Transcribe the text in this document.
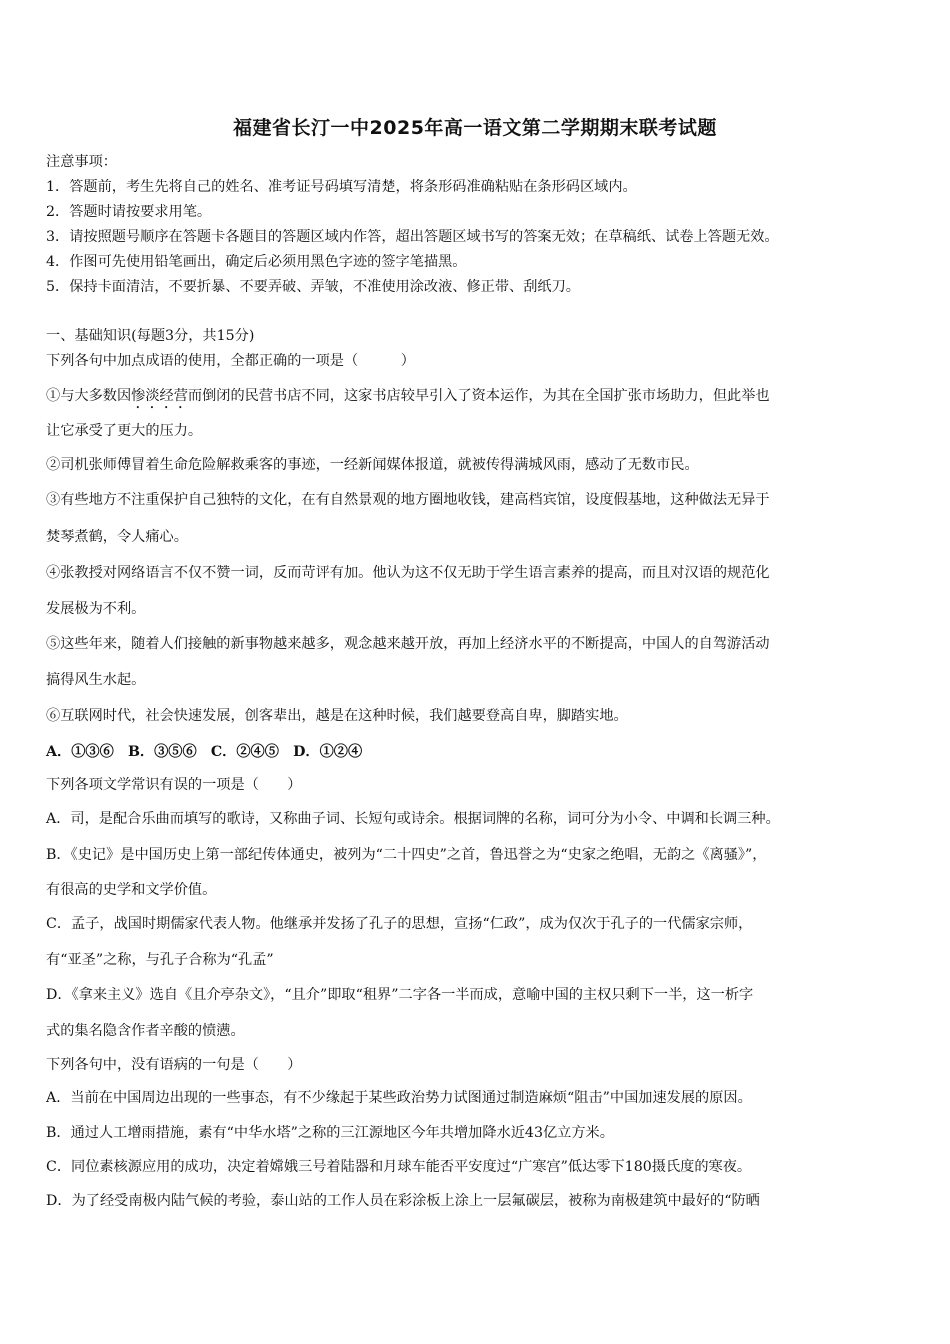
福建省长汀一中2025年高一语文第二学期期末联考试题
注意事项：
1．答题前，考生先将自己的姓名、准考证号码填写清楚，将条形码准确粘贴在条形码区域内。
2．答题时请按要求用笔。
3．请按照题号顺序在答题卡各题目的答题区域内作答，超出答题区域书写的答案无效；在草稿纸、试卷上答题无效。
4．作图可先使用铅笔画出，确定后必须用黑色字迹的签字笔描黑。
5．保持卡面清洁，不要折暴、不要弄破、弄皱，不准使用涂改液、修正带、刮纸刀。
一、基础知识(每题3分，共15分)
下列各句中加点成语的使用，全都正确的一项是（　　　）
①与大多数因惨淡经营而倒闭的民营书店不同，这家书店较早引入了资本运作，为其在全国扩张市场助力，但此举也
让它承受了更大的压力。
②司机张师傅冒着生命危险解救乘客的事迹，一经新闻媒体报道，就被传得满城风雨，感动了无数市民。
③有些地方不注重保护自己独特的文化，在有自然景观的地方圈地收钱，建高档宾馆，设度假基地，这种做法无异于
焚琴煮鹤，令人痛心。
④张教授对网络语言不仅不赞一词，反而苛评有加。他认为这不仅无助于学生语言素养的提高，而且对汉语的规范化
发展极为不利。
⑤这些年来，随着人们接触的新事物越来越多，观念越来越开放，再加上经济水平的不断提高，中国人的自驾游活动
搞得风生水起。
⑥互联网时代，社会快速发展，创客辈出，越是在这种时候，我们越要登高自卑，脚踏实地。
A．①③⑥　B．③⑤⑥　C．②④⑤　D．①②④
下列各项文学常识有误的一项是（　　）
A．司，是配合乐曲而填写的歌诗，又称曲子词、长短句或诗余。根据词牌的名称，词可分为小令、中调和长调三种。
B．《史记》是中国历史上第一部纪传体通史，被列为“二十四史”之首，鲁迅誉之为“史家之绝唱，无韵之《离骚》”，
有很高的史学和文学价值。
C．孟子，战国时期儒家代表人物。他继承并发扬了孔子的思想，宣扬“仁政”，成为仅次于孔子的一代儒家宗师，
有“亚圣”之称，与孔子合称为“孔孟”
D．《拿来主义》选自《且介亭杂文》，“且介”即取“租界”二字各一半而成，意喻中国的主权只剩下一半，这一析字
式的集名隐含作者辛酸的愤懑。
下列各句中，没有语病的一句是（　　）
A．当前在中国周边出现的一些事态，有不少缘起于某些政治势力试图通过制造麻烦“阻击”中国加速发展的原因。
B．通过人工增雨措施，素有“中华水塔”之称的三江源地区今年共增加降水近43亿立方米。
C．同位素核源应用的成功，决定着嫦娥三号着陆器和月球车能否平安度过“广寒宫”低达零下180摄氏度的寒夜。
D．为了经受南极内陆气候的考验，泰山站的工作人员在彩涂板上涂上一层氟碳层，被称为南极建筑中最好的“防晒
